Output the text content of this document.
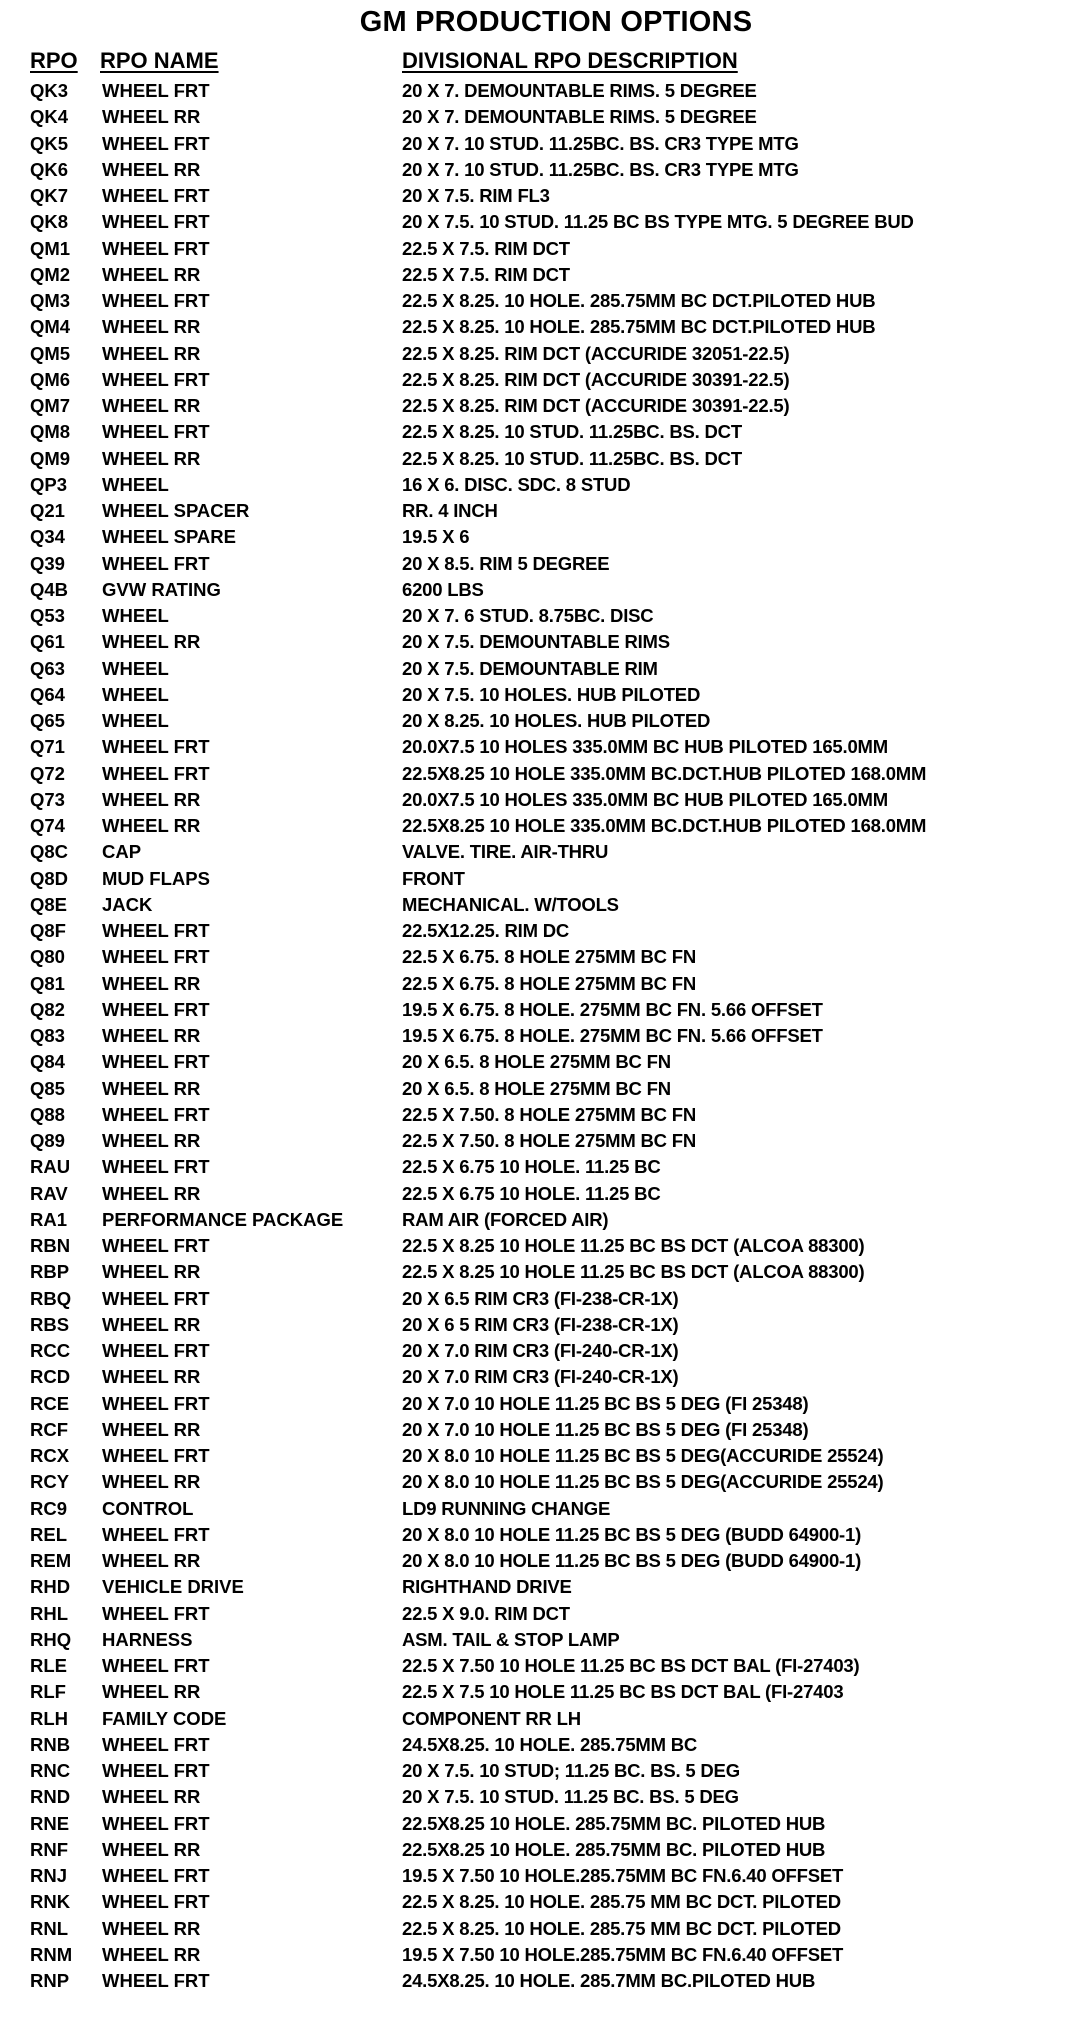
GM PRODUCTION OPTIONS
RPO RPO NAME	DIVISIONAL RPO DESCRIPTION
QK3 WHEEL FRT	20 X 7. DEMOUNTABLE RIMS. 5 DEGREE
QK4 WHEEL RR	20 X 7. DEMOUNTABLE RIMS. 5 DEGREE
QK5 WHEEL FRT	20 X 7. 10 STUD. 11.25BC. BS. CR3 TYPE MTG
QK6 WHEEL RR	20 X 7. 10 STUD. 11.25BC. BS. CR3 TYPE MTG
QK7 WHEEL FRT	20 X 7.5. RIM FL3
QK8 WHEEL FRT	20 X 7.5. 10 STUD. 11.25 BC BS TYPE MTG. 5 DEGREE BUD
QM1 WHEEL FRT	22.5 X 7.5. RIM DCT
QM2 WHEEL RR	22.5 X 7.5. RIM DCT
QM3 WHEEL FRT	22.5 X 8.25. 10 HOLE. 285.75MM BC DCT.PILOTED HUB
QM4 WHEEL RR	22.5 X 8.25. 10 HOLE. 285.75MM BC DCT.PILOTED HUB
QM5 WHEEL RR	22.5 X 8.25. RIM DCT (ACCURIDE 32051-22.5)
QM6 WHEEL FRT	22.5 X 8.25. RIM DCT (ACCURIDE 30391-22.5)
QM7 WHEEL RR	22.5 X 8.25. RIM DCT (ACCURIDE 30391-22.5)
QM8 WHEEL FRT	22.5 X 8.25. 10 STUD. 11.25BC. BS. DCT
QM9 WHEEL RR	22.5 X 8.25. 10 STUD. 11.25BC. BS. DCT
QP3 WHEEL	16 X 6. DISC. SDC. 8 STUD
Q21 WHEEL SPACER	RR. 4 INCH
Q34 WHEEL SPARE	19.5 X 6
Q39 WHEEL FRT	20 X 8.5. RIM 5 DEGREE
Q4B GVW RATING	6200 LBS
Q53 WHEEL	20 X 7. 6 STUD. 8.75BC. DISC
Q61 WHEEL RR	20 X 7.5. DEMOUNTABLE RIMS
Q63 WHEEL	20 X 7.5. DEMOUNTABLE RIM
Q64 WHEEL	20 X 7.5. 10 HOLES. HUB PILOTED
Q65 WHEEL	20 X 8.25. 10 HOLES. HUB PILOTED
Q71 WHEEL FRT	20.0X7.5 10 HOLES 335.0MM BC HUB PILOTED 165.0MM
Q72 WHEEL FRT	22.5X8.25 10 HOLE 335.0MM BC.DCT.HUB PILOTED 168.0MM
Q73 WHEEL RR	20.0X7.5 10 HOLES 335.0MM BC HUB PILOTED 165.0MM
Q74 WHEEL RR	22.5X8.25 10 HOLE 335.0MM BC.DCT.HUB PILOTED 168.0MM
Q8C CAP	VALVE. TIRE. AIR-THRU
Q8D MUD FLAPS	FRONT
Q8E JACK	MECHANICAL. W/TOOLS
Q8F WHEEL FRT	22.5X12.25. RIM DC
Q80 WHEEL FRT	22.5 X 6.75. 8 HOLE 275MM BC FN
Q81 WHEEL RR	22.5 X 6.75. 8 HOLE 275MM BC FN
Q82 WHEEL FRT	19.5 X 6.75. 8 HOLE. 275MM BC FN. 5.66 OFFSET
Q83 WHEEL RR	19.5 X 6.75. 8 HOLE. 275MM BC FN. 5.66 OFFSET
Q84 WHEEL FRT	20 X 6.5. 8 HOLE 275MM BC FN
Q85 WHEEL RR	20 X 6.5. 8 HOLE 275MM BC FN
Q88 WHEEL FRT	22.5 X 7.50. 8 HOLE 275MM BC FN
Q89 WHEEL RR	22.5 X 7.50. 8 HOLE 275MM BC FN
RAU WHEEL FRT	22.5 X 6.75 10 HOLE. 11.25 BC
RAV WHEEL RR	22.5 X 6.75 10 HOLE. 11.25 BC
RA1 PERFORMANCE PACKAGE	RAM AIR (FORCED AIR)
RBN WHEEL FRT	22.5 X 8.25 10 HOLE 11.25 BC BS DCT (ALCOA 88300)
RBP WHEEL RR	22.5 X 8.25 10 HOLE 11.25 BC BS DCT (ALCOA 88300)
RBQ WHEEL FRT	20 X 6.5 RIM CR3 (FI-238-CR-1X)
RBS WHEEL RR	20 X 6 5 RIM CR3 (FI-238-CR-1X)
RCC WHEEL FRT	20 X 7.0 RIM CR3 (FI-240-CR-1X)
RCD WHEEL RR	20 X 7.0 RIM CR3 (FI-240-CR-1X)
RCE WHEEL FRT	20 X 7.0 10 HOLE 11.25 BC BS 5 DEG (FI 25348)
RCF WHEEL RR	20 X 7.0 10 HOLE 11.25 BC BS 5 DEG (FI 25348)
RCX WHEEL FRT	20 X 8.0 10 HOLE 11.25 BC BS 5 DEG(ACCURIDE 25524)
RCY WHEEL RR	20 X 8.0 10 HOLE 11.25 BC BS 5 DEG(ACCURIDE 25524)
RC9 CONTROL	LD9 RUNNING CHANGE
REL WHEEL FRT	20 X 8.0 10 HOLE 11.25 BC BS 5 DEG (BUDD 64900-1)
REM WHEEL RR	20 X 8.0 10 HOLE 11.25 BC BS 5 DEG (BUDD 64900-1)
RHD VEHICLE DRIVE	RIGHTHAND DRIVE
RHL WHEEL FRT	22.5 X 9.0. RIM DCT
RHQ HARNESS	ASM. TAIL & STOP LAMP
RLE WHEEL FRT	22.5 X 7.50 10 HOLE 11.25 BC BS DCT BAL (FI-27403)
RLF WHEEL RR	22.5 X 7.5 10 HOLE 11.25 BC BS DCT BAL (FI-27403
RLH FAMILY CODE	COMPONENT RR LH
RNB WHEEL FRT	24.5X8.25. 10 HOLE. 285.75MM BC
RNC WHEEL FRT	20 X 7.5. 10 STUD; 11.25 BC. BS. 5 DEG
RND WHEEL RR	20 X 7.5. 10 STUD. 11.25 BC. BS. 5 DEG
RNE WHEEL FRT	22.5X8.25 10 HOLE. 285.75MM BC. PILOTED HUB
RNF WHEEL RR	22.5X8.25 10 HOLE. 285.75MM BC. PILOTED HUB
RNJ WHEEL FRT	19.5 X 7.50 10 HOLE.285.75MM BC FN.6.40 OFFSET
RNK WHEEL FRT	22.5 X 8.25. 10 HOLE. 285.75 MM BC DCT. PILOTED
RNL WHEEL RR	22.5 X 8.25. 10 HOLE. 285.75 MM BC DCT. PILOTED
RNM WHEEL RR	19.5 X 7.50 10 HOLE.285.75MM BC FN.6.40 OFFSET
RNP WHEEL FRT	24.5X8.25. 10 HOLE. 285.7MM BC.PILOTED HUB
